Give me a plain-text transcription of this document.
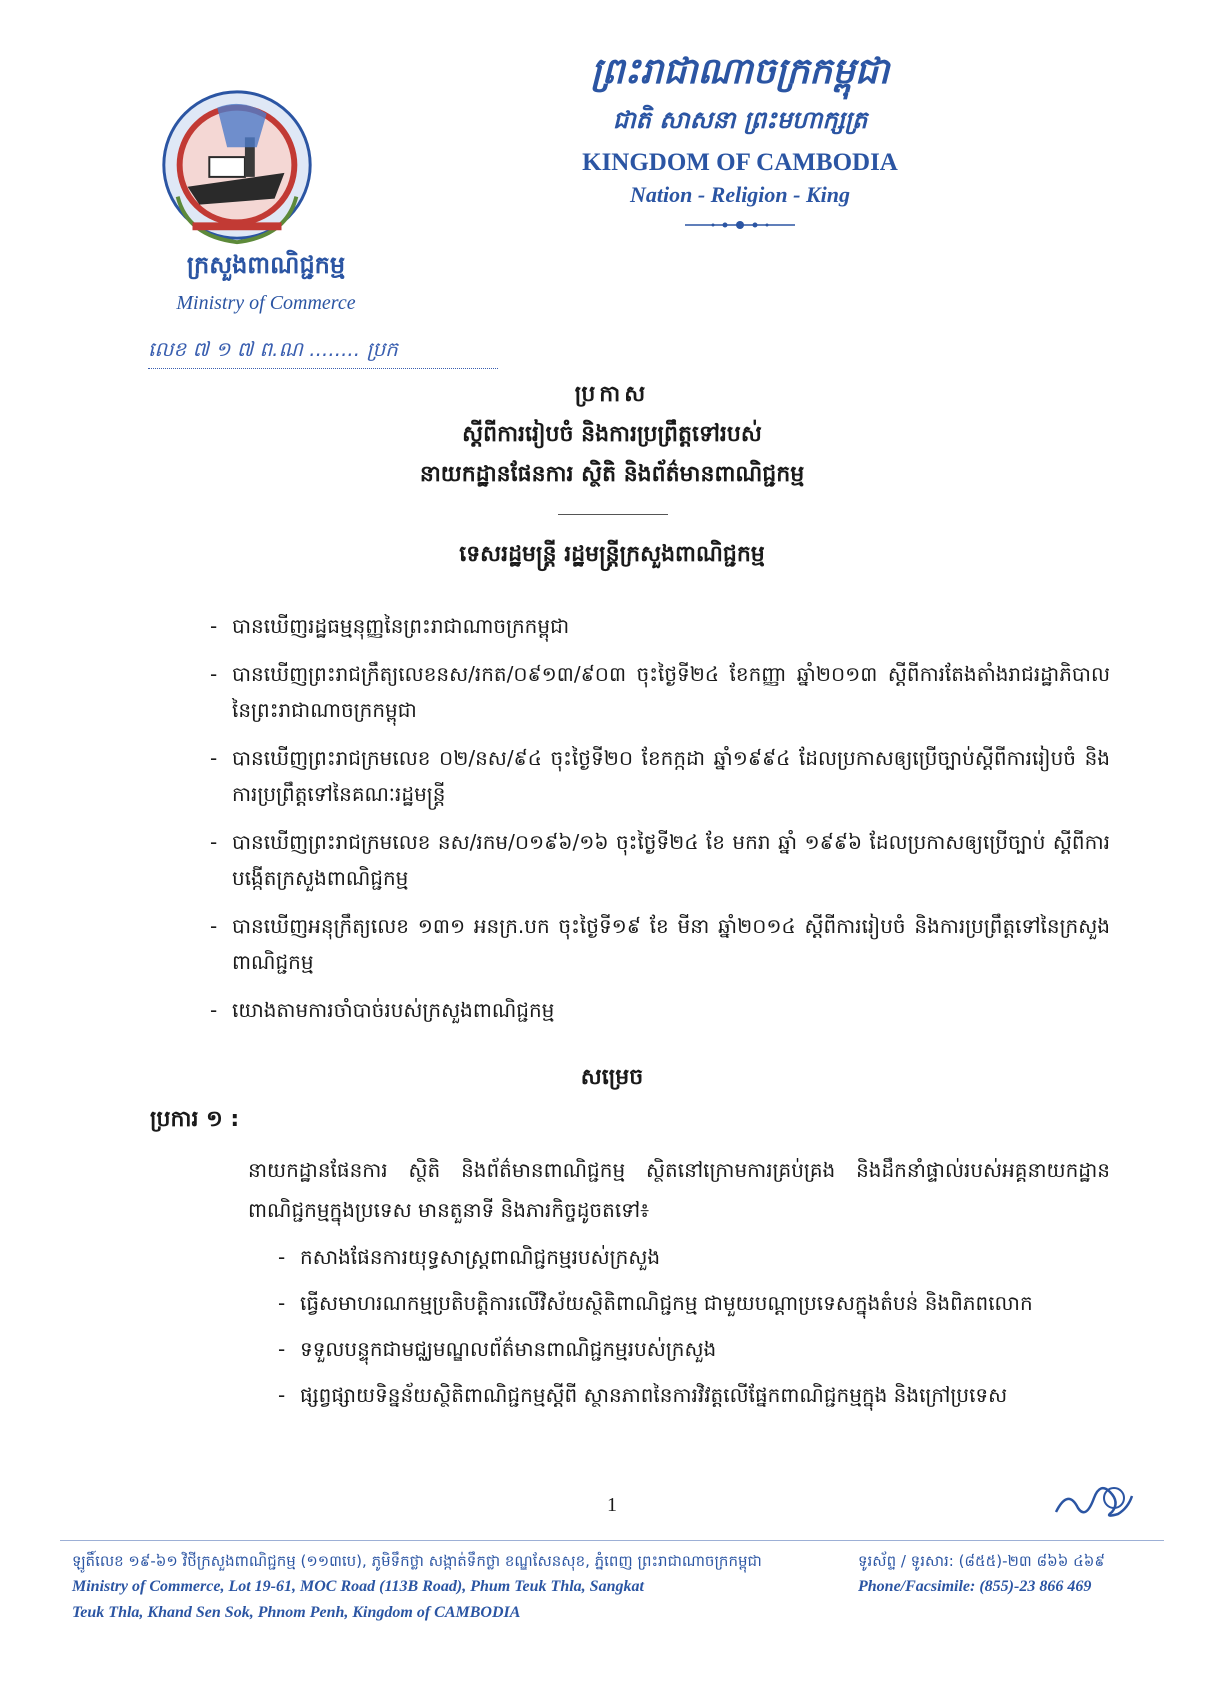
ក្រសួងពាណិជ្ជកម្ម
Ministry of Commerce
លេខ ៧ ១ ៧ ព.ណ ........ ប្រក
ព្រះរាជាណាចក្រកម្ពុជា
ជាតិ សាសនា ព្រះមហាក្សត្រ
KINGDOM OF CAMBODIA
Nation - Religion - King
ប្រកាស
ស្តីពីការរៀបចំ និងការប្រព្រឹត្តទៅរបស់
នាយកដ្ឋានផែនការ ស្ថិតិ និងព័ត៌មានពាណិជ្ជកម្ម
ទេសរដ្ឋមន្ត្រី រដ្ឋមន្ត្រីក្រសួងពាណិជ្ជកម្ម
- បានឃើញរដ្ឋធម្មនុញ្ញនៃព្រះរាជាណាចក្រកម្ពុជា
- បានឃើញព្រះរាជក្រឹត្យលេខនស/រកត/០៩១៣/៩០៣ ចុះថ្ងៃទី២៤ ខែកញ្ញា ឆ្នាំ២០១៣ ស្តីពីការតែងតាំងរាជរដ្ឋាភិបាលនៃព្រះរាជាណាចក្រកម្ពុជា
- បានឃើញព្រះរាជក្រមលេខ ០២/នស/៩៤ ចុះថ្ងៃទី២០ ខែកក្កដា ឆ្នាំ១៩៩៤ ដែលប្រកាសឲ្យប្រើច្បាប់ស្តីពីការរៀបចំ និងការប្រព្រឹត្តទៅនៃគណៈរដ្ឋមន្ត្រី
- បានឃើញព្រះរាជក្រមលេខ នស/រកម/០១៩៦/១៦ ចុះថ្ងៃទី២៤ ខែ មករា ឆ្នាំ ១៩៩៦ ដែលប្រកាសឲ្យប្រើច្បាប់ ស្តីពីការបង្កើតក្រសួងពាណិជ្ជកម្ម
- បានឃើញអនុក្រឹត្យលេខ ១៣១ អនក្រ.បក ចុះថ្ងៃទី១៩ ខែ មីនា ឆ្នាំ២០១៤ ស្តីពីការរៀបចំ និងការប្រព្រឹត្តទៅនៃក្រសួងពាណិជ្ជកម្ម
- យោងតាមការចាំបាច់របស់ក្រសួងពាណិជ្ជកម្ម
សម្រេច
ប្រការ ១ :
នាយកដ្ឋានផែនការ ស្ថិតិ និងព័ត៌មានពាណិជ្ជកម្ម ស្ថិតនៅក្រោមការគ្រប់គ្រង និងដឹកនាំផ្ទាល់របស់អគ្គនាយកដ្ឋានពាណិជ្ជកម្មក្នុងប្រទេស មានតួនាទី និងភារកិច្ចដូចតទៅ៖
- កសាងផែនការយុទ្ធសាស្ត្រពាណិជ្ជកម្មរបស់ក្រសួង
- ធ្វើសមាហរណកម្មប្រតិបត្តិការលើវិស័យស្ថិតិពាណិជ្ជកម្ម ជាមួយបណ្តាប្រទេសក្នុងតំបន់ និងពិភពលោក
- ទទួលបន្ទុកជាមជ្ឈមណ្ឌលព័ត៌មានពាណិជ្ជកម្មរបស់ក្រសួង
- ផ្សព្វផ្សាយទិន្នន័យស្ថិតិពាណិជ្ជកម្មស្តីពី ស្ថានភាពនៃការវិវត្តលើផ្នែកពាណិជ្ជកម្មក្នុង និងក្រៅប្រទេស
1
ឡូតិ៍លេខ ១៩-៦១ វិថីក្រសួងពាណិជ្ជកម្ម (១១៣បេ), ភូមិទឹកថ្លា សង្កាត់ទឹកថ្លា ខណ្ឌសែនសុខ, ភ្នំពេញ ព្រះរាជាណាចក្រកម្ពុជា
Ministry of Commerce, Lot 19-61, MOC Road (113B Road), Phum Teuk Thla, Sangkat
Teuk Thla, Khand Sen Sok, Phnom Penh, Kingdom of CAMBODIA
ទូរស័ព្ទ / ទូរសារ: (៨៥៥)-២៣ ៨៦៦ ៤៦៩
Phone/Facsimile: (855)-23 866 469
